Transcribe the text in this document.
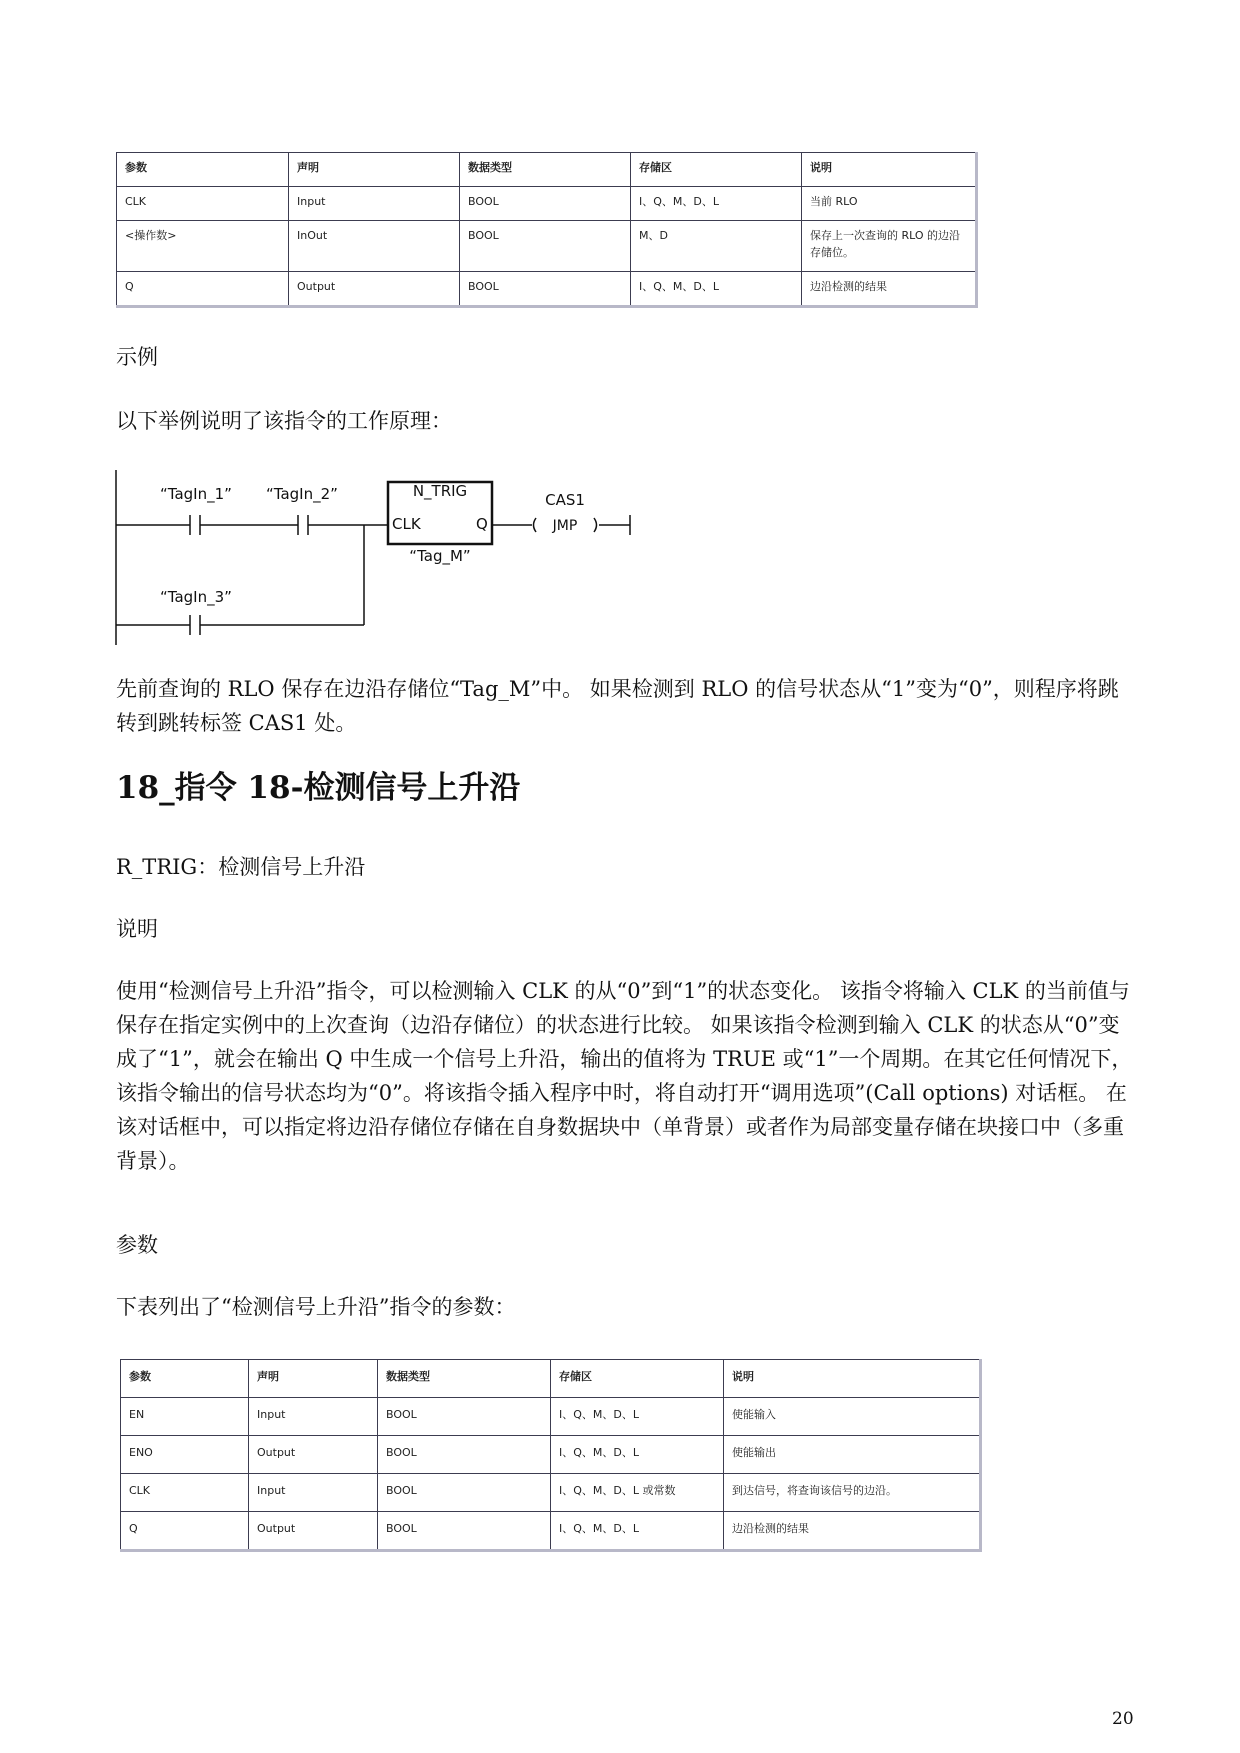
参数	声明	数据类型	存储区	说明
CLK	Input	BOOL	I、Q、M、D、L	当前 RLO
<操作数>	InOut	BOOL	M、D	保存上一次查询的 RLO 的边沿存储位。
Q	Output	BOOL	I、Q、M、D、L	边沿检测的结果

示例

以下举例说明了该指令的工作原理：

“TagIn_1” “TagIn_2”
“TagIn_3”
N_TRIG
CLK	Q
“Tag_M”
CAS1
JMP

先前查询的 RLO 保存在边沿存储位“Tag_M”中。 如果检测到 RLO 的信号状态从“1”变为“0”，则程序将跳转到跳转标签 CAS1 处。

18_指令 18-检测信号上升沿

R_TRIG：检测信号上升沿

说明

使用“检测信号上升沿”指令，可以检测输入 CLK 的从“0”到“1”的状态变化。 该指令将输入 CLK 的当前值与保存在指定实例中的上次查询（边沿存储位）的状态进行比较。 如果该指令检测到输入 CLK 的状态从“0”变成了“1”，就会在输出 Q 中生成一个信号上升沿，输出的值将为 TRUE 或“1”一个周期。在其它任何情况下，该指令输出的信号状态均为“0”。将该指令插入程序中时，将自动打开“调用选项”(Call options) 对话框。 在该对话框中，可以指定将边沿存储位存储在自身数据块中（单背景）或者作为局部变量存储在块接口中（多重背景）。

参数

下表列出了“检测信号上升沿”指令的参数：

参数	声明	数据类型	存储区	说明
EN	Input	BOOL	I、Q、M、D、L	使能输入
ENO	Output	BOOL	I、Q、M、D、L	使能输出
CLK	Input	BOOL	I、Q、M、D、L 或常数	到达信号，将查询该信号的边沿。
Q	Output	BOOL	I、Q、M、D、L	边沿检测的结果
20
